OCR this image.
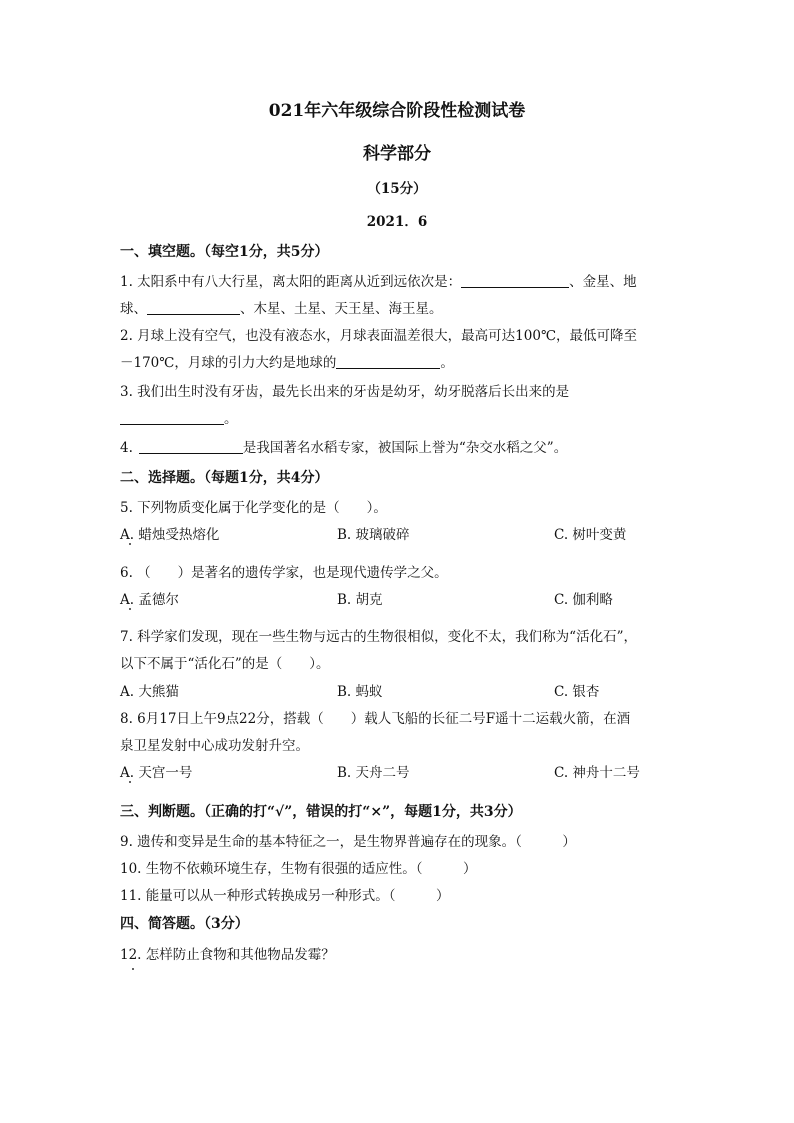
021年六年级综合阶段性检测试卷
科学部分
（15分）
2021．6
一、填空题。（每空1分，共5分）
1. 太阳系中有八大行星，离太阳的距离从近到远依次是：	、金星、地
球、	、木星、土星、天王星、海王星。
2. 月球上没有空气，也没有液态水，月球表面温差很大，最高可达100℃，最低可降至
－170℃，月球的引力大约是地球的	。
3. 我们出生时没有牙齿，最先长出来的牙齿是幼牙，幼牙脱落后长出来的是
。
4.	是我国著名水稻专家，被国际上誉为“杂交水稻之父”。
二、选择题。（每题1分，共4分）
5. 下列物质变化属于化学变化的是（　　）。
A. 蜡烛受热熔化	B. 玻璃破碎	C. 树叶变黄
6. （　　）是著名的遗传学家，也是现代遗传学之父。
A. 孟德尔	B. 胡克	C. 伽利略
7. 科学家们发现，现在一些生物与远古的生物很相似，变化不太，我们称为“活化石”，
以下不属于“活化石”的是（　　）。
A. 大熊猫	B. 蚂蚁	C. 银杏
8. 6月17日上午9点22分，搭载（　　）载人飞船的长征二号F遥十二运载火箭，在酒
泉卫星发射中心成功发射升空。
A. 天宫一号	B. 天舟二号	C. 神舟十二号
三、判断题。（正确的打“√”，错误的打“×”，每题1分，共3分）
9. 遗传和变异是生命的基本特征之一，是生物界普遍存在的现象。（　　　）
10. 生物不依赖环境生存，生物有很强的适应性。（　　　）
11. 能量可以从一种形式转换成另一种形式。（　　　）
四、简答题。（3分）
12. 怎样防止食物和其他物品发霉？
